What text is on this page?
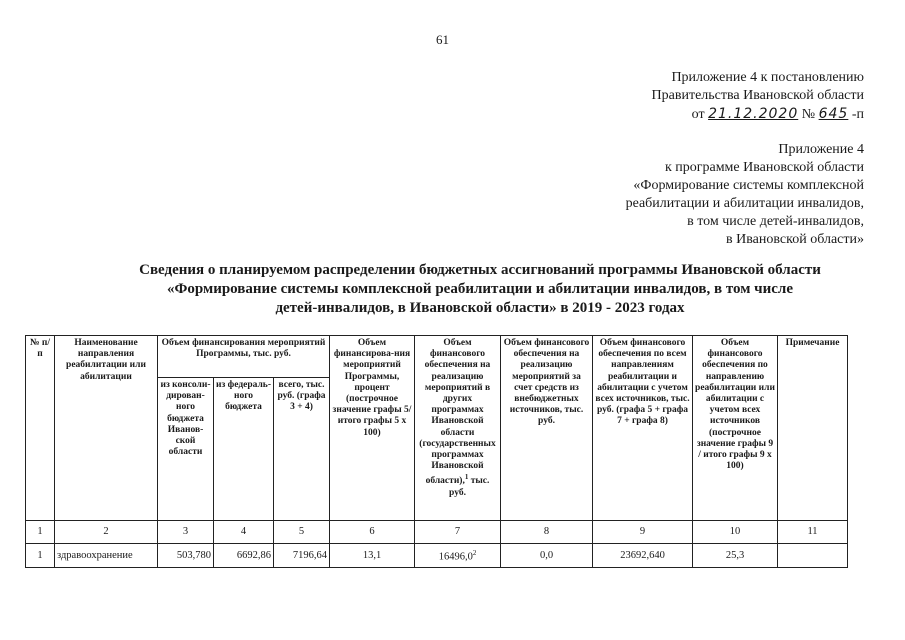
61
Приложение 4 к постановлению
Правительства Ивановской области
от 21.12.2020 № 645 -п
Приложение 4
к программе Ивановской области
«Формирование системы комплексной
реабилитации и абилитации инвалидов,
в том числе детей-инвалидов,
в Ивановской области»
Сведения о планируемом распределении бюджетных ассигнований программы Ивановской области
«Формирование системы комплексной реабилитации и абилитации инвалидов, в том числе
детей-инвалидов, в Ивановской области» в 2019 - 2023 годах
№ п/п	Наименование направления реабилитации или абилитации	Объем финансирования мероприятий Программы, тыс. руб.			Объем финансирова-ния мероприятий Программы, процент (построчное значение графы 5/итого графы 5 х 100)	Объем финансового обеспечения на реализацию мероприятий в других программах Ивановской области (государственных программах Ивановской области),$^1$ тыс. руб.	Объем финансового обеспечения на реализацию мероприятий за счет средств из внебюджетных источников, тыс. руб.	Объем финансового обеспечения по всем направлениям реабилитации и абилитации с учетом всех источников, тыс. руб. (графа 5 + графа 7 + графа 8)	Объем финансового обеспечения по направлению реабилитации или абилитации с учетом всех источников (построчное значение графы 9 / итого графы 9 х 100)	Примечание
		из консоли-дирован-ного бюджета Иванов-ской области	из федераль-ного бюджета	всего, тыс. руб. (графа 3 + 4)						
1	2	3	4	5	6	7	8	9	10	11
1	здравоохранение	503,780	6692,86	7196,64	13,1	16496,0$^2$	0,0	23692,640	25,3	
